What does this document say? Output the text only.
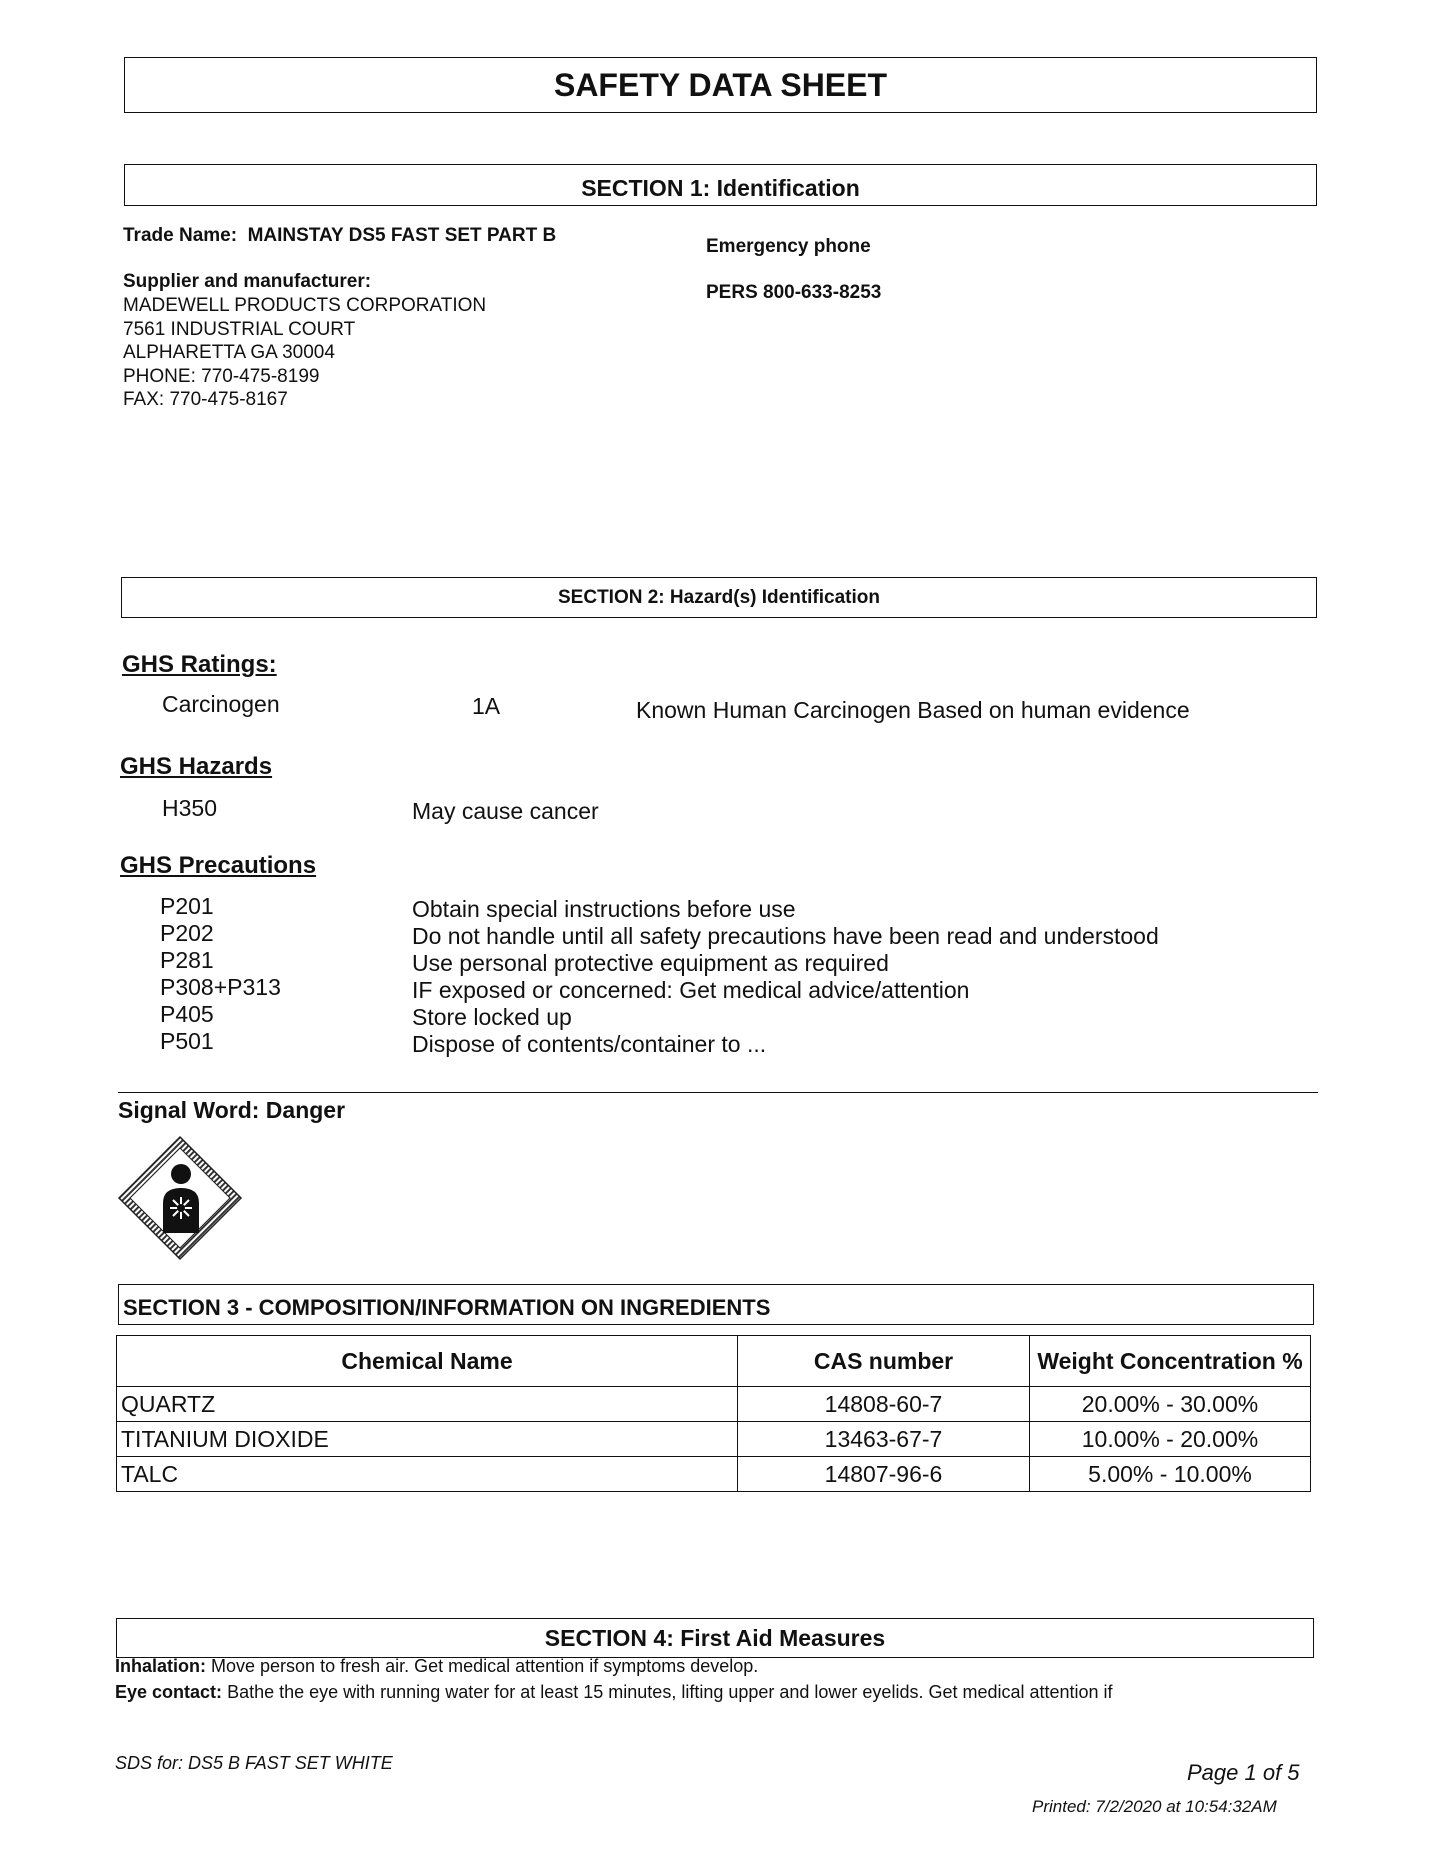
SAFETY DATA SHEET
SECTION 1: Identification
Trade Name: MAINSTAY DS5 FAST SET PART B
Emergency phone
PERS 800-633-8253
Supplier and manufacturer:
MADEWELL PRODUCTS CORPORATION
7561 INDUSTRIAL COURT
ALPHARETTA GA 30004
PHONE: 770-475-8199
FAX: 770-475-8167
SECTION 2: Hazard(s) Identification
GHS Ratings:
Carcinogen	1A	Known Human Carcinogen Based on human evidence
GHS Hazards
H350	May cause cancer
GHS Precautions
P201	Obtain special instructions before use
P202	Do not handle until all safety precautions have been read and understood
P281	Use personal protective equipment as required
P308+P313	IF exposed or concerned: Get medical advice/attention
P405	Store locked up
P501	Dispose of contents/container to ...
Signal Word: Danger
SECTION 3 - COMPOSITION/INFORMATION ON INGREDIENTS
Chemical Name	CAS number	Weight Concentration %
QUARTZ	14808-60-7	20.00% - 30.00%
TITANIUM DIOXIDE	13463-67-7	10.00% - 20.00%
TALC	14807-96-6	5.00% - 10.00%
SECTION 4: First Aid Measures
Inhalation: Move person to fresh air. Get medical attention if symptoms develop.
Eye contact: Bathe the eye with running water for at least 15 minutes, lifting upper and lower eyelids. Get medical attention if
SDS for: DS5 B FAST SET WHITE	Page 1 of 5
Printed: 7/2/2020 at 10:54:32AM
